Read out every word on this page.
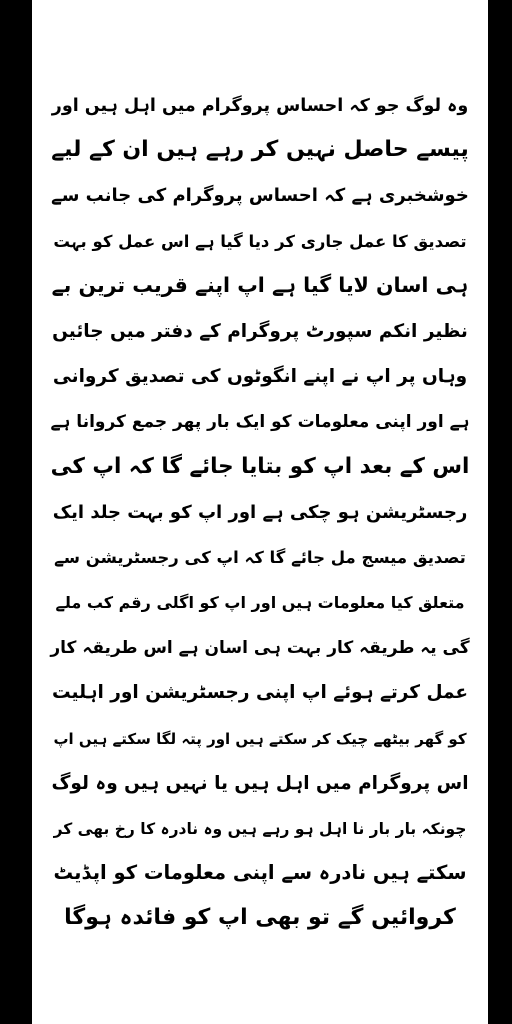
وہ لوگ جو کہ احساس پروگرام میں اہل ہیں اور
پیسے حاصل نہیں کر رہے ہیں ان کے لیے
خوشخبری ہے کہ احساس پروگرام کی جانب سے
تصدیق کا عمل جاری کر دیا گیا ہے اس عمل کو بہت
ہی اسان لایا گیا ہے اپ اپنے قریب ترین بے
نظیر انکم سپورٹ پروگرام کے دفتر میں جائیں
وہاں پر اپ نے اپنے انگوٹوں کی تصدیق کروانی
ہے اور اپنی معلومات کو ایک بار پھر جمع کروانا ہے
اس کے بعد اپ کو بتایا جائے گا کہ اپ کی
رجسٹریشن ہو چکی ہے اور اپ کو بہت جلد ایک
تصدیق میسج مل جائے گا کہ اپ کی رجسٹریشن سے
متعلق کیا معلومات ہیں اور اپ کو اگلی رقم کب ملے
گی یہ طریقہ کار بہت ہی اسان ہے اس طریقہ کار
عمل کرتے ہوئے اپ اپنی رجسٹریشن اور اہلیت
کو گھر بیٹھے چیک کر سکتے ہیں اور پتہ لگا سکتے ہیں اپ
اس پروگرام میں اہل ہیں یا نہیں ہیں وہ لوگ
چونکہ بار بار نا اہل ہو رہے ہیں وہ نادرہ کا رخ بھی کر
سکتے ہیں نادرہ سے اپنی معلومات کو اپڈیٹ
کروائیں گے تو بھی اپ کو فائدہ ہوگا
